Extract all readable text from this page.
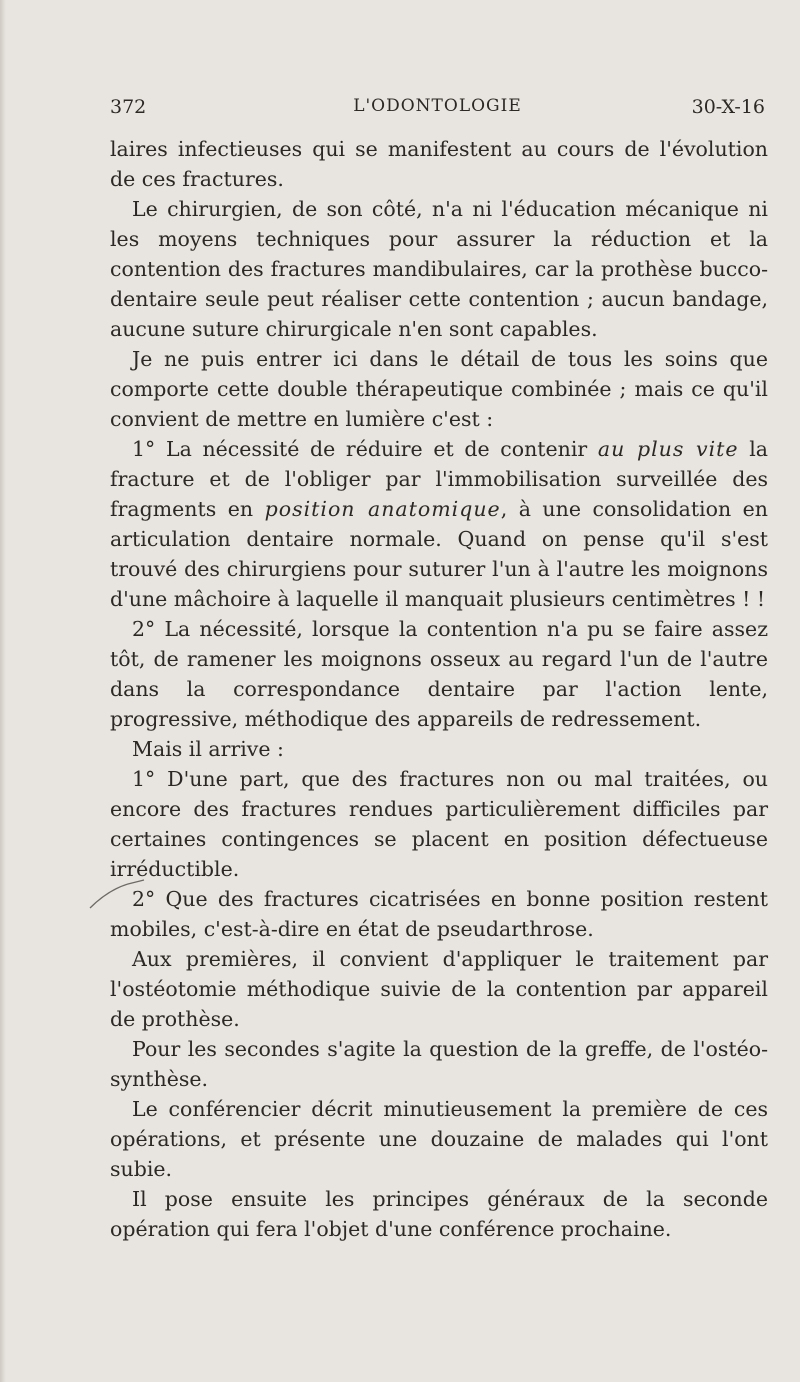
372	L'ODONTOLOGIE	30-X-16

laires infectieuses qui se manifestent au cours de l'évolution de ces fractures.

Le chirurgien, de son côté, n'a ni l'éducation mécanique ni les moyens techniques pour assurer la réduction et la contention des fractures mandibulaires, car la prothèse bucco-dentaire seule peut réaliser cette contention ; aucun bandage, aucune suture chirurgicale n'en sont capables.

Je ne puis entrer ici dans le détail de tous les soins que comporte cette double thérapeutique combinée ; mais ce qu'il convient de mettre en lumière c'est :

1° La nécessité de réduire et de contenir au plus vite la fracture et de l'obliger par l'immobilisation surveillée des fragments en position anatomique, à une consolidation en articulation dentaire normale. Quand on pense qu'il s'est trouvé des chirurgiens pour suturer l'un à l'autre les moignons d'une mâchoire à laquelle il manquait plusieurs centimètres ! !

2° La nécessité, lorsque la contention n'a pu se faire assez tôt, de ramener les moignons osseux au regard l'un de l'autre dans la correspondance dentaire par l'action lente, progressive, méthodique des appareils de redressement.

Mais il arrive :

1° D'une part, que des fractures non ou mal traitées, ou encore des fractures rendues particulièrement difficiles par certaines contingences se placent en position défectueuse irréductible.

2° Que des fractures cicatrisées en bonne position restent mobiles, c'est-à-dire en état de pseudarthrose.

Aux premières, il convient d'appliquer le traitement par l'ostéotomie méthodique suivie de la contention par appareil de prothèse.

Pour les secondes s'agite la question de la greffe, de l'ostéo-synthèse.

Le conférencier décrit minutieusement la première de ces opérations, et présente une douzaine de malades qui l'ont subie.

Il pose ensuite les principes généraux de la seconde opération qui fera l'objet d'une conférence prochaine.
